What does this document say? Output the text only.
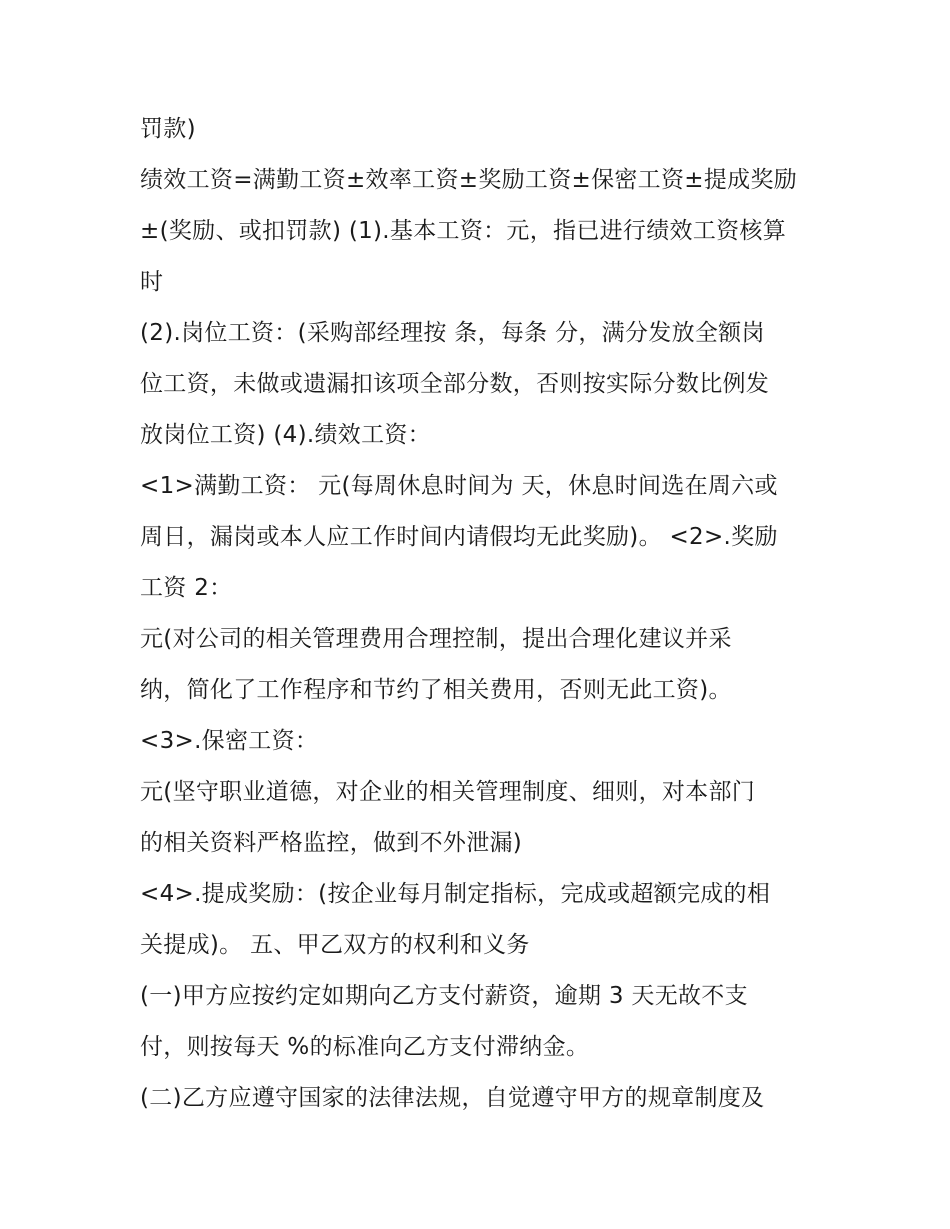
罚款)
绩效工资=满勤工资±效率工资±奖励工资±保密工资±提成奖励
±(奖励、或扣罚款) (1).基本工资：元，指已进行绩效工资核算
时
(2).岗位工资：(采购部经理按 条，每条 分，满分发放全额岗
位工资，未做或遗漏扣该项全部分数，否则按实际分数比例发
放岗位工资) (4).绩效工资：
<1>满勤工资： 元(每周休息时间为 天，休息时间选在周六或
周日，漏岗或本人应工作时间内请假均无此奖励)。 <2>.奖励
工资 2：
元(对公司的相关管理费用合理控制，提出合理化建议并采
纳，简化了工作程序和节约了相关费用，否则无此工资)。
<3>.保密工资：
元(坚守职业道德，对企业的相关管理制度、细则，对本部门
的相关资料严格监控，做到不外泄漏)
<4>.提成奖励：(按企业每月制定指标，完成或超额完成的相
关提成)。 五、甲乙双方的权利和义务
(一)甲方应按约定如期向乙方支付薪资，逾期 3 天无故不支
付，则按每天 %的标准向乙方支付滞纳金。
(二)乙方应遵守国家的法律法规，自觉遵守甲方的规章制度及
